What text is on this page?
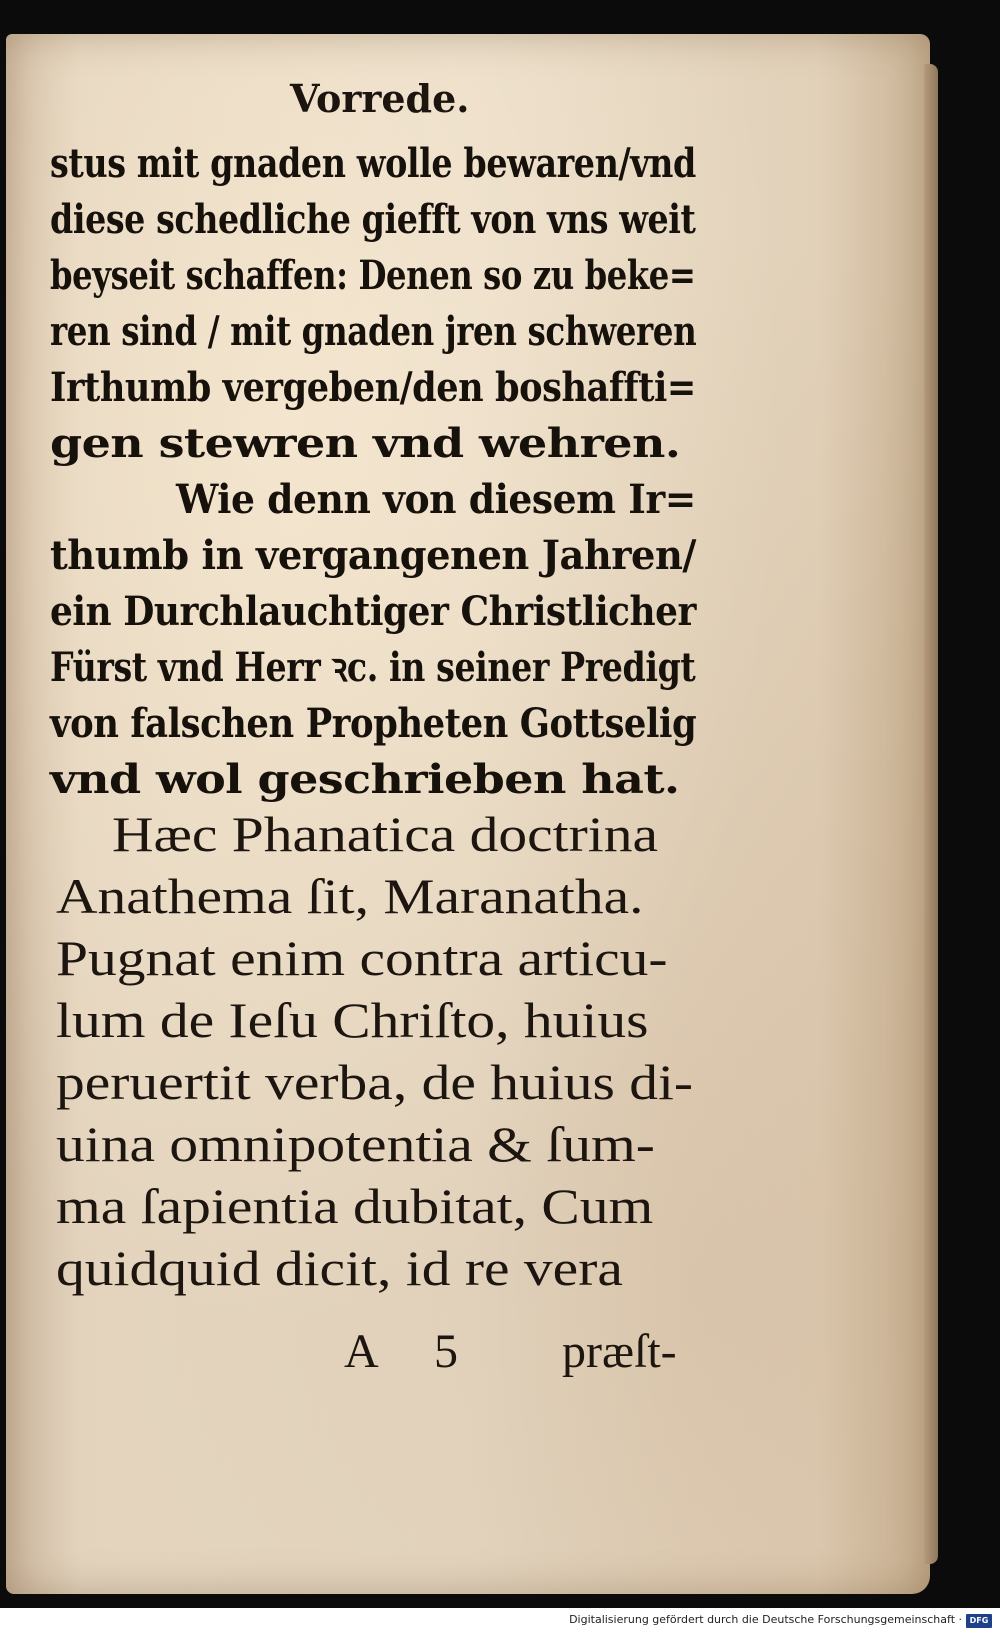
Vorrede.
stus mit gnaden wolle bewaren/vnd
diese schedliche giefft von vns weit
beyseit schaffen: Denen so zu beke=
ren sind / mit gnaden jren schweren
Irthumb vergeben/den boshaffti=
gen stewren vnd wehren.
Wie denn von diesem Ir=
thumb in vergangenen Jahren/
ein Durchlauchtiger Christlicher
Fürst vnd Herr ꝛc. in seiner Predigt
von falschen Propheten Gottselig
vnd wol geschrieben hat.
Hæc Phanatica doctrina
Anathema ſit, Maranatha.
Pugnat enim contra articu-
lum de Ieſu Chriſto, huius
peruertit verba, de huius di-
uina omnipotentia & ſum-
ma ſapientia dubitat, Cum
quidquid dicit, id re vera
A 5 præſt-
Digitalisierung gefördert durch die Deutsche Forschungsgemeinschaft · DFG
